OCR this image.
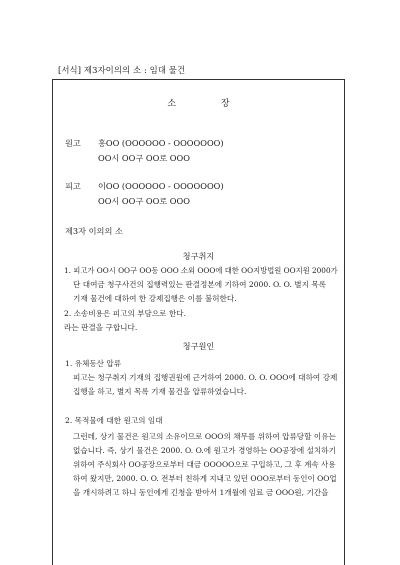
[서식] 제3자이의의 소 : 임대 물건
소 장
원고	홍OO (OOOOOO - OOOOOOO)
OO시 OO구 OO로 OOO
피고	이OO (OOOOOO - OOOOOOO)
OO시 OO구 OO로 OOO
제3자 이의의 소
청구취지
1. 피고가 OO시 OO구 OO동 OOO 소외 OOO에 대한 OO지방법원 OO지원 2000가
단 대여금 청구사건의 집행력있는 판결정본에 기하여 2000. O. O. 별지 목록
기재 물건에 대하여 한 강제집행은 이를 불허한다.
2. 소송비용은 피고의 부담으로 한다.
라는 판결을 구합니다.
청구원인
1. 유체동산 압류
피고는 청구취지 기재의 집행권원에 근거하여 2000. O. O. OOO에 대하여 강제
집행을 하고, 별지 목록 기재 물건을 압류하였습니다.
2. 목적물에 대한 원고의 임대
그런데, 상기 물건은 원고의 소유이므로 OOO의 채무를 위하여 압류당할 이유는
없습니다. 즉, 상기 물건은 2000. O. O.에 원고가 경영하는 OO공장에 설치하기
위하여 주식회사 OO공장으로부터 대금 OOOOO으로 구입하고, 그 후 계속 사용
하여 왔지만, 2000. O. O. 전부터 친하게 지내고 있던 OOO로부터 동인이 OO업
을 개시하려고 하니 동인에게 긴청을 받아서 1개월에 임료 금 OOO원, 기간을
